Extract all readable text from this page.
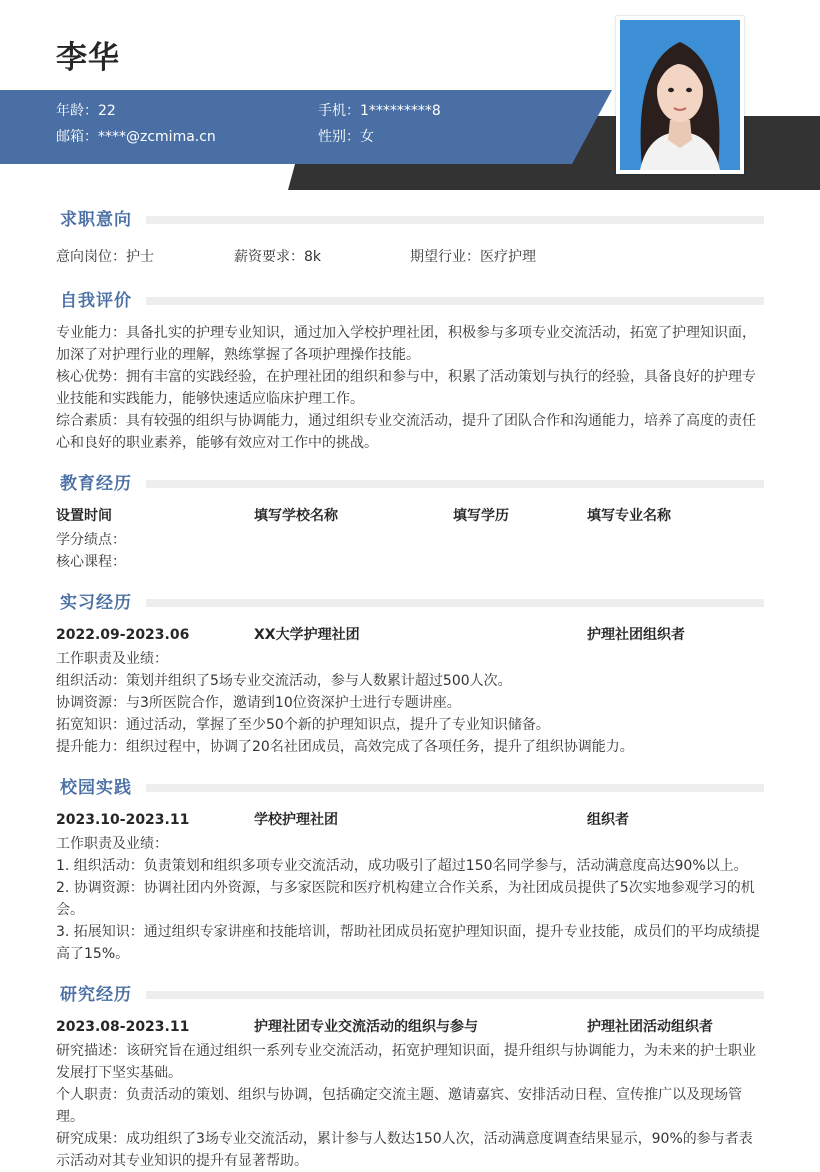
李华
年龄：22	手机：1*********8
邮箱：****@zcmima.cn	性别：女
求职意向
意向岗位：护士	薪资要求：8k	期望行业：医疗护理
自我评价
专业能力：具备扎实的护理专业知识，通过加入学校护理社团，积极参与多项专业交流活动，拓宽了护理知识面，加深了对护理行业的理解，熟练掌握了各项护理操作技能。
核心优势：拥有丰富的实践经验，在护理社团的组织和参与中，积累了活动策划与执行的经验，具备良好的护理专业技能和实践能力，能够快速适应临床护理工作。
综合素质：具有较强的组织与协调能力，通过组织专业交流活动，提升了团队合作和沟通能力，培养了高度的责任心和良好的职业素养，能够有效应对工作中的挑战。
教育经历
设置时间	填写学校名称	填写学历	填写专业名称
学分绩点：
核心课程：
实习经历
2022.09-2023.06	XX大学护理社团	护理社团组织者
工作职责及业绩：
组织活动：策划并组织了5场专业交流活动，参与人数累计超过500人次。
协调资源：与3所医院合作，邀请到10位资深护士进行专题讲座。
拓宽知识：通过活动，掌握了至少50个新的护理知识点，提升了专业知识储备。
提升能力：组织过程中，协调了20名社团成员，高效完成了各项任务，提升了组织协调能力。
校园实践
2023.10-2023.11	学校护理社团	组织者
工作职责及业绩：
1. 组织活动：负责策划和组织多项专业交流活动，成功吸引了超过150名同学参与，活动满意度高达90%以上。
2. 协调资源：协调社团内外资源，与多家医院和医疗机构建立合作关系，为社团成员提供了5次实地参观学习的机会。
3. 拓展知识：通过组织专家讲座和技能培训，帮助社团成员拓宽护理知识面，提升专业技能，成员们的平均成绩提高了15%。
研究经历
2023.08-2023.11	护理社团专业交流活动的组织与参与	护理社团活动组织者
研究描述：该研究旨在通过组织一系列专业交流活动，拓宽护理知识面，提升组织与协调能力，为未来的护士职业发展打下坚实基础。
个人职责：负责活动的策划、组织与协调，包括确定交流主题、邀请嘉宾、安排活动日程、宣传推广以及现场管理。
研究成果：成功组织了3场专业交流活动，累计参与人数达150人次，活动满意度调查结果显示，90%的参与者表示活动对其专业知识的提升有显著帮助。
